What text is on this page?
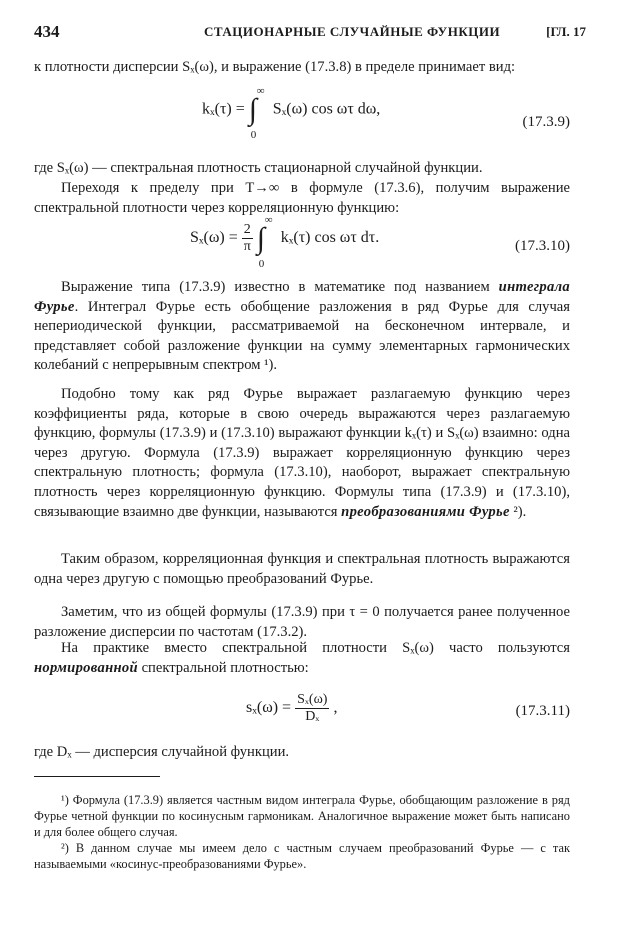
434	СТАЦИОНАРНЫЕ СЛУЧАЙНЫЕ ФУНКЦИИ	[ГЛ. 17
к плотности дисперсии Sₓ(ω), и выражение (17.3.8) в пределе принимает вид:
kₓ(τ) = ∫
∞
0
Sₓ(ω) cos ωτ dω,
(17.3.9)
где Sₓ(ω) — спектральная плотность стационарной случайной функции.
Переходя к пределу при T→∞ в формуле (17.3.6), получим выражение спектральной плотности через корреляционную функцию:
$S_x(\omega) = \frac{2}{\pi}$ ∫
∞
0
kₓ(τ) cos ωτ dτ.	(17.3.10)
Выражение типа (17.3.9) известно в математике под названием интеграла Фурье. Интеграл Фурье есть обобщение разложения в ряд Фурье для случая непериодической функции, рассматриваемой на бесконечном интервале, и представляет собой разложение функции на сумму элементарных гармонических колебаний с непрерывным спектром ¹).
Подобно тому как ряд Фурье выражает разлагаемую функцию через коэффициенты ряда, которые в свою очередь выражаются через разлагаемую функцию, формулы (17.3.9) и (17.3.10) выражают функции kₓ(τ) и Sₓ(ω) взаимно: одна через другую. Формула (17.3.9) выражает корреляционную функцию через спектральную плотность; формула (17.3.10), наоборот, выражает спектральную плотность через корреляционную функцию. Формулы типа (17.3.9) и (17.3.10), связывающие взаимно две функции, называются преобразованиями Фурье ²).
Таким образом, корреляционная функция и спектральная плотность выражаются одна через другую с помощью преобразований Фурье.
Заметим, что из общей формулы (17.3.9) при τ = 0 получается ранее полученное разложение дисперсии по частотам (17.3.2).
На практике вместо спектральной плотности Sₓ(ω) часто пользуются нормированной спектральной плотностью:
$s_x(\omega) = \frac{\text{Sₓ(ω)}}{\text{Dₓ}}$ ,	(17.3.11)
где Dₓ — дисперсия случайной функции.

¹) Формула (17.3.9) является частным видом интеграла Фурье, обобщающим разложение в ряд Фурье четной функции по косинусным гармоникам. Аналогичное выражение может быть написано и для более общего случая.

²) В данном случае мы имеем дело с частным случаем преобразований Фурье — с так называемыми «косинус-преобразованиями Фурье».
